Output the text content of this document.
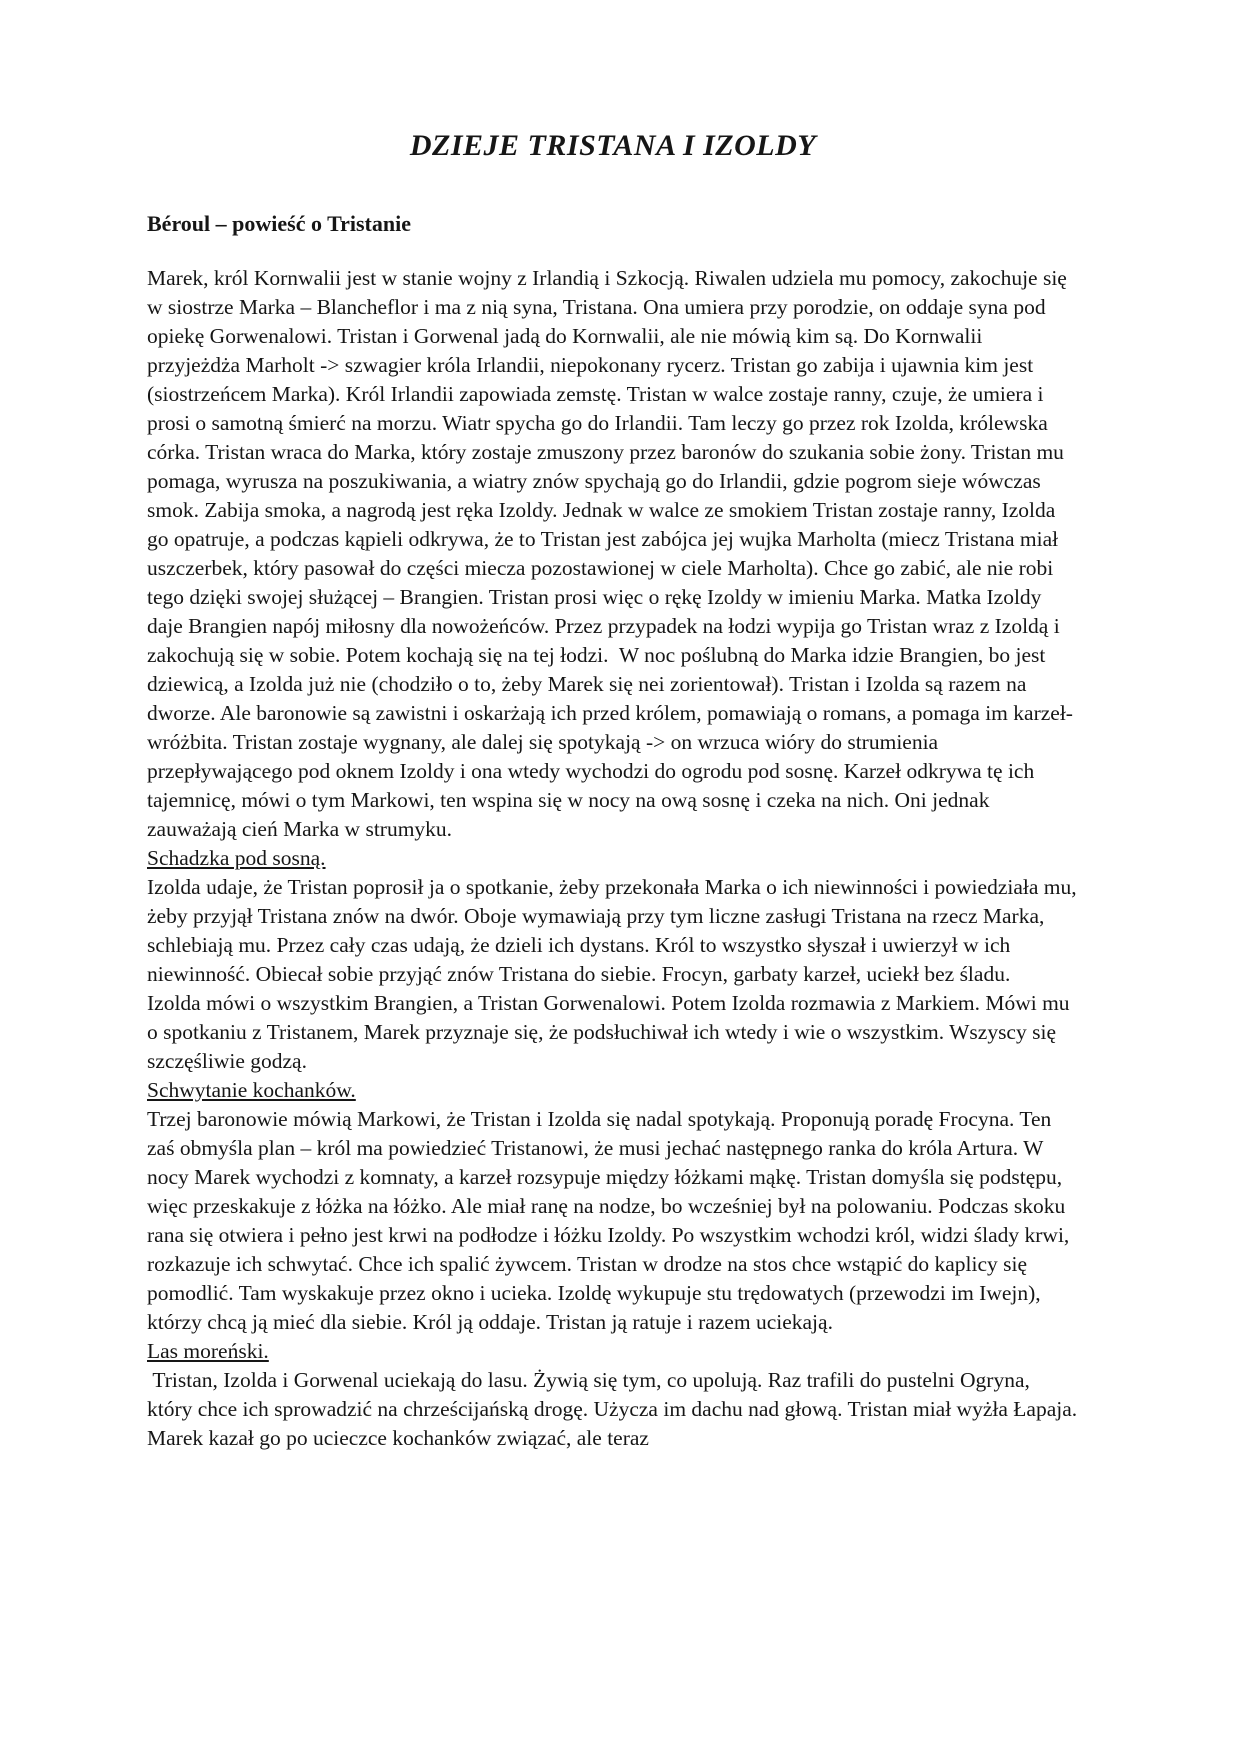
DZIEJE TRISTANA I IZOLDY
Béroul – powieść o Tristanie

Marek, król Kornwalii jest w stanie wojny z Irlandią i Szkocją. Riwalen udziela mu pomocy, zakochuje się w siostrze Marka – Blancheflor i ma z nią syna, Tristana. Ona umiera przy porodzie, on oddaje syna pod opiekę Gorwenalowi. Tristan i Gorwenal jadą do Kornwalii, ale nie mówią kim są. Do Kornwalii przyjeżdża Marholt -> szwagier króla Irlandii, niepokonany rycerz. Tristan go zabija i ujawnia kim jest (siostrzeńcem Marka). Król Irlandii zapowiada zemstę. Tristan w walce zostaje ranny, czuje, że umiera i prosi o samotną śmierć na morzu. Wiatr spycha go do Irlandii. Tam leczy go przez rok Izolda, królewska córka. Tristan wraca do Marka, który zostaje zmuszony przez baronów do szukania sobie żony. Tristan mu pomaga, wyrusza na poszukiwania, a wiatry znów spychają go do Irlandii, gdzie pogrom sieje wówczas smok. Zabija smoka, a nagrodą jest ręka Izoldy. Jednak w walce ze smokiem Tristan zostaje ranny, Izolda go opatruje, a podczas kąpieli odkrywa, że to Tristan jest zabójca jej wujka Marholta (miecz Tristana miał uszczerbek, który pasował do części miecza pozostawionej w ciele Marholta). Chce go zabić, ale nie robi tego dzięki swojej służącej – Brangien. Tristan prosi więc o rękę Izoldy w imieniu Marka. Matka Izoldy daje Brangien napój miłosny dla nowożeńców. Przez przypadek na łodzi wypija go Tristan wraz z Izoldą i zakochują się w sobie. Potem kochają się na tej łodzi.  W noc poślubną do Marka idzie Brangien, bo jest dziewicą, a Izolda już nie (chodziło o to, żeby Marek się nei zorientował). Tristan i Izolda są razem na dworze. Ale baronowie są zawistni i oskarżają ich przed królem, pomawiają o romans, a pomaga im karzeł-wróżbita. Tristan zostaje wygnany, ale dalej się spotykają -> on wrzuca wióry do strumienia przepływającego pod oknem Izoldy i ona wtedy wychodzi do ogrodu pod sosnę. Karzeł odkrywa tę ich tajemnicę, mówi o tym Markowi, ten wspina się w nocy na ową sosnę i czeka na nich. Oni jednak zauważają cień Marka w strumyku.

Schadzka pod sosną.

Izolda udaje, że Tristan poprosił ja o spotkanie, żeby przekonała Marka o ich niewinności i powiedziała mu, żeby przyjął Tristana znów na dwór. Oboje wymawiają przy tym liczne zasługi Tristana na rzecz Marka, schlebiają mu. Przez cały czas udają, że dzieli ich dystans. Król to wszystko słyszał i uwierzył w ich niewinność. Obiecał sobie przyjąć znów Tristana do siebie. Frocyn, garbaty karzeł, uciekł bez śladu.

Izolda mówi o wszystkim Brangien, a Tristan Gorwenalowi. Potem Izolda rozmawia z Markiem. Mówi mu o spotkaniu z Tristanem, Marek przyznaje się, że podsłuchiwał ich wtedy i wie o wszystkim. Wszyscy się szczęśliwie godzą.

Schwytanie kochanków.

Trzej baronowie mówią Markowi, że Tristan i Izolda się nadal spotykają. Proponują poradę Frocyna. Ten zaś obmyśla plan – król ma powiedzieć Tristanowi, że musi jechać następnego ranka do króla Artura. W nocy Marek wychodzi z komnaty, a karzeł rozsypuje między łóżkami mąkę. Tristan domyśla się podstępu, więc przeskakuje z łóżka na łóżko. Ale miał ranę na nodze, bo wcześniej był na polowaniu. Podczas skoku rana się otwiera i pełno jest krwi na podłodze i łóżku Izoldy. Po wszystkim wchodzi król, widzi ślady krwi, rozkazuje ich schwytać. Chce ich spalić żywcem. Tristan w drodze na stos chce wstąpić do kaplicy się pomodlić. Tam wyskakuje przez okno i ucieka. Izoldę wykupuje stu trędowatych (przewodzi im Iwejn), którzy chcą ją mieć dla siebie. Król ją oddaje. Tristan ją ratuje i razem uciekają.

Las moreński.

Tristan, Izolda i Gorwenal uciekają do lasu. Żywią się tym, co upolują. Raz trafili do pustelni Ogryna, który chce ich sprowadzić na chrześcijańską drogę. Użycza im dachu nad głową. Tristan miał wyżła Łapaja. Marek kazał go po ucieczce kochanków związać, ale teraz
